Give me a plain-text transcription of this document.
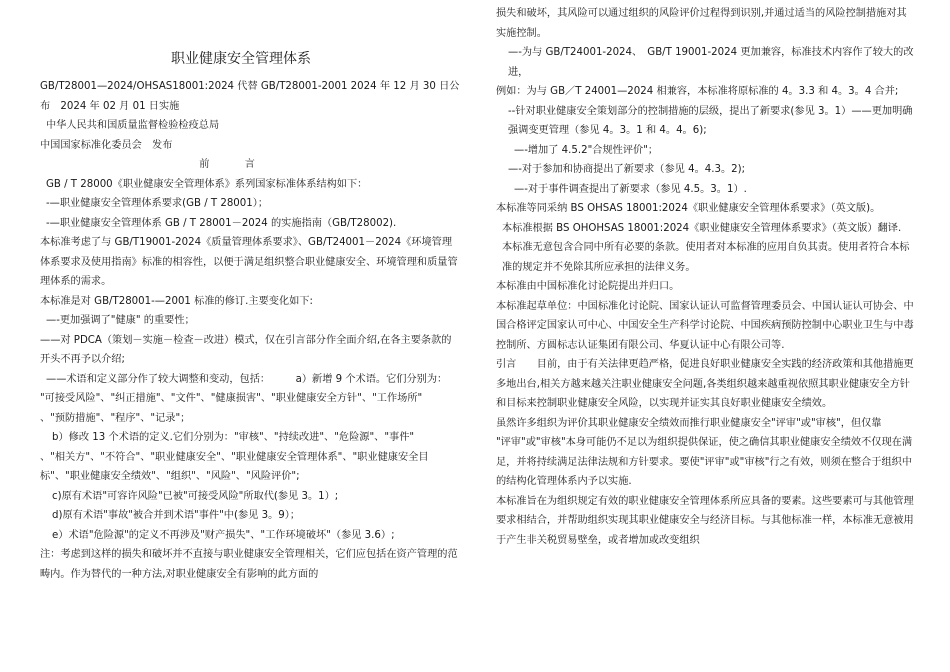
职业健康安全管理体系

GB/T28001—2024/OHSAS18001:2024 代替 GB/T28001-2001 2024 年 12 月 30 日公布　2024 年 02 月 01 日实施

中华人民共和国质量监督检验检疫总局

中国国家标准化委员会　发布

前 言

GB / T 28000《职业健康安全管理体系》系列国家标准体系结构如下：

-—职业健康安全管理体系要求(GB / T 28001）；

-—职业健康安全管理体系 GB / T 28001－2024 的实施指南（GB/T28002).

本标准考虑了与 GB/T19001-2024《质量管理体系要求》、GB/T24001－2024《环境管理体系要求及使用指南》标准的相容性，以便于满足组织整合职业健康安全、环境管理和质量管理体系的需求。

本标准是对 GB/T28001-—2001 标准的修订.主要变化如下:

—-更加强调了"健康" 的重要性；

——对 PDCA（策划－实施－检查－改进）模式，仅在引言部分作全面介绍,在各主要条款的开头不再予以介绍;

——术语和定义部分作了较大调整和变动，包括：　　　a）新增 9 个术语。它们分别为：

"可接受风险"、"纠正措施"、"文件"、"健康损害"、"职业健康安全方针"、"工作场所"

、"预防措施"、"程序"、"记录"；

b）修改 13 个术语的定义.它们分别为："审核"、"持续改进"、"危险源"、"事件"

、"相关方"、"不符合"、"职业健康安全"、"职业健康安全管理体系"、"职业健康安全目标"、"职业健康安全绩效"、"组织"、"风险"、"风险评价";

c)原有术语"可容许风险"已被"可接受风险"所取代(参见 3。1）;

d)原有术语"事故"被合并到术语"事件"中(参见 3。9）；

e）术语"危险源"的定义不再涉及"财产损失"、"工作环境破坏"（参见 3.6）;

注：考虑到这样的损失和破坏并不直接与职业健康安全管理相关，它们应包括在资产管理的范畴内。作为替代的一种方法,对职业健康安全有影响的此方面的

损失和破坏，其风险可以通过组织的风险评价过程得到识别,并通过适当的风险控制措施对其实施控制。

—-为与 GB/T24001-2024、　GB/T 19001-2024 更加兼容，标准技术内容作了较大的改进，

例如：为与 GB／T 24001—2024 相兼容，本标准将原标准的 4。3.3 和 4。3。4 合并;

--针对职业健康安全策划部分的控制措施的层级，提出了新要求(参见 3。1）——更加明确强调变更管理（参见 4。3。1 和 4。4。6);

—-增加了 4.5.2"合规性评价"；

—-对于参加和协商提出了新要求（参见 4。4.3。2);

—-对于事件调查提出了新要求（参见 4.5。3。1）.

本标准等同采纳 BS OHSAS 18001:2024《职业健康安全管理体系要求》（英文版)。

本标准根据 BS OHOHSAS 18001:2024《职业健康安全管理体系要求》（英文版）翻译.

本标准无意包含合同中所有必要的条款。使用者对本标准的应用自负其责。使用者符合本标准的规定并不免除其所应承担的法律义务。

本标准由中国标准化讨论院提出并归口。

本标准起草单位：中国标准化讨论院、国家认证认可监督管理委员会、中国认证认可协会、中国合格评定国家认可中心、中国安全生产科学讨论院、中国疾病预防控制中心职业卫生与中毒控制所、方圆标志认证集团有限公司、华夏认证中心有限公司等.

引言　　目前，由于有关法律更趋严格，促进良好职业健康安全实践的经济政策和其他措施更多地出台,相关方越来越关注职业健康安全问题,各类组织越来越重视依照其职业健康安全方针和目标来控制职业健康安全风险，以实现并证实其良好职业健康安全绩效。

虽然许多组织为评价其职业健康安全绩效而推行职业健康安全"评审"或"审核"，但仅靠

"评审"或"审核"本身可能仍不足以为组织提供保证，使之确信其职业健康安全绩效不仅现在满足，并将持续满足法律法规和方针要求。要使"评审"或"审核"行之有效，则须在整合于组织中的结构化管理体系内予以实施.

本标准旨在为组织规定有效的职业健康安全管理体系所应具备的要素。这些要素可与其他管理要求相结合，并帮助组织实现其职业健康安全与经济目标。与其他标准一样，本标准无意被用于产生非关税贸易壁垒，或者增加或改变组织
